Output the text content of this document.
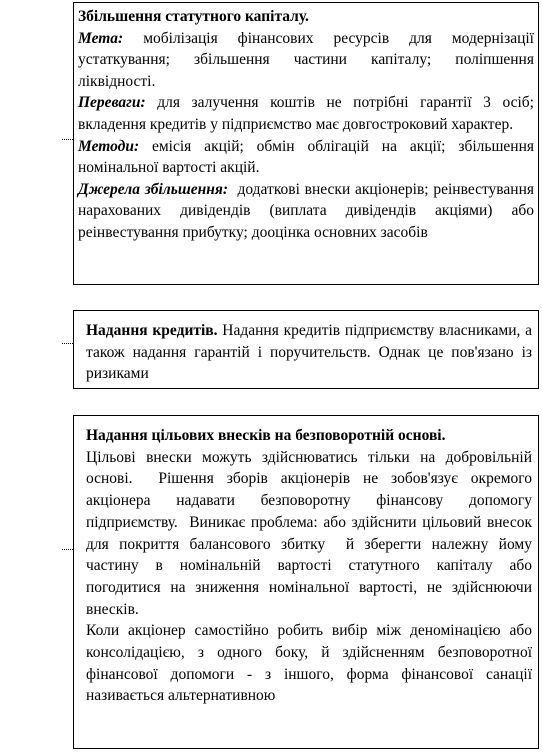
Збільшення статутного капіталу.

Мета: мобілізація фінансових ресурсів для модернізації устаткування; збільшення частини капіталу; поліпшення ліквідності.

Переваги: для залучення коштів не потрібні гарантії 3 осіб; вкладення кредитів у підприємство має довгостроковий характер.

Методи: емісія акцій; обмін облігацій на акції; збільшення номінальної вартості акцій.

Джерела збільшення:  додаткові внески акціонерів; реінвестування нарахованих дивідендів (виплата дивідендів акціями) або реінвестування прибутку; дооцінка основних засобів

Надання кредитів. Надання кредитів підприємству власниками, а також надання гарантій і поручительств. Однак це пов'язано із ризиками

Надання цільових внесків на безповоротній основі.

Цільові внески можуть здійснюватись тільки на добровільній основі.  Рішення зборів акціонерів не зобов'язує окремого акціонера надавати безповоротну фінансову допомогу підприємству.  Виникає проблема: або здійснити цільовий внесок для покриття балансового збитку  й зберегти належну йому частину в номінальній вартості статутного капіталу або погодитися на зниження номінальної вартості, не здійснюючи внесків.

Коли акціонер самостійно робить вибір між деномінацією або консолідацією, з одного боку, й здійсненням безповоротної фінансової допомоги - з іншого, форма фінансової санації називається альтернативною
